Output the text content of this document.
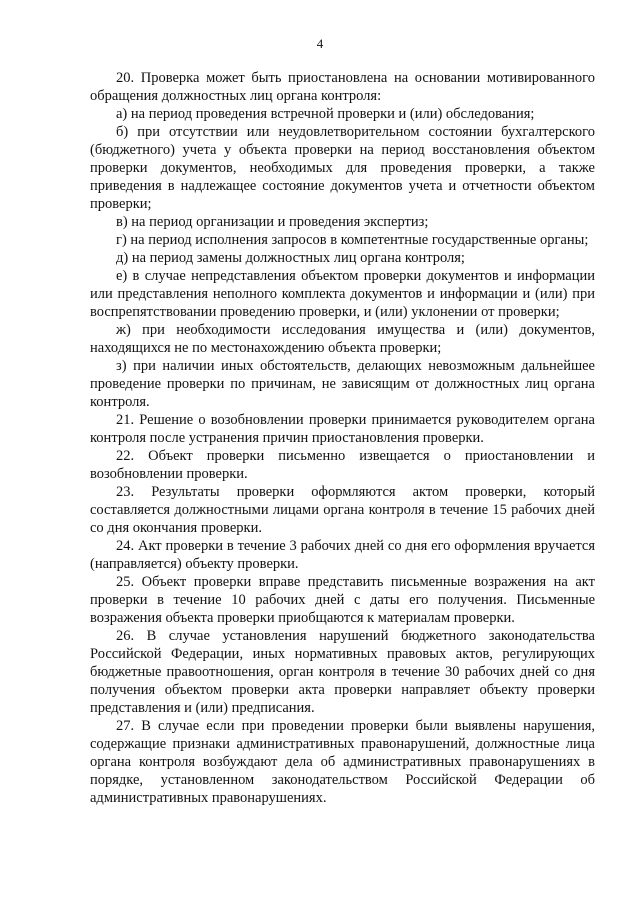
4

20. Проверка может быть приостановлена на основании мотивированного обращения должностных лиц органа контроля:

а) на период проведения встречной проверки и (или) обследования;

б) при отсутствии или неудовлетворительном состоянии бухгалтерского (бюджетного) учета у объекта проверки на период восстановления объектом проверки документов, необходимых для проведения проверки, а также приведения в надлежащее состояние документов учета и отчетности объектом проверки;

в) на период организации и проведения экспертиз;

г) на период исполнения запросов в компетентные государственные органы;

д) на период замены должностных лиц органа контроля;

е) в случае непредставления объектом проверки документов и информации или представления неполного комплекта документов и информации и (или) при воспрепятствовании проведению проверки, и (или) уклонении от проверки;

ж) при необходимости исследования имущества и (или) документов, находящихся не по местонахождению объекта проверки;

з) при наличии иных обстоятельств, делающих невозможным дальнейшее проведение проверки по причинам, не зависящим от должностных лиц органа контроля.

21. Решение о возобновлении проверки принимается руководителем органа контроля после устранения причин приостановления проверки.

22. Объект проверки письменно извещается о приостановлении и возобновлении проверки.

23. Результаты проверки оформляются актом проверки, который составляется должностными лицами органа контроля в течение 15 рабочих дней со дня окончания проверки.

24. Акт проверки в течение 3 рабочих дней со дня его оформления вручается (направляется) объекту проверки.

25. Объект проверки вправе представить письменные возражения на акт проверки в течение 10 рабочих дней с даты его получения. Письменные возражения объекта проверки приобщаются к материалам проверки.

26. В случае установления нарушений бюджетного законодательства Российской Федерации, иных нормативных правовых актов, регулирующих бюджетные правоотношения, орган контроля в течение 30 рабочих дней со дня получения объектом проверки акта проверки направляет объекту проверки представления и (или) предписания.

27. В случае если при проведении проверки были выявлены нарушения, содержащие признаки административных правонарушений, должностные лица органа контроля возбуждают дела об административных правонарушениях в порядке, установленном законодательством Российской Федерации об административных правонарушениях.
